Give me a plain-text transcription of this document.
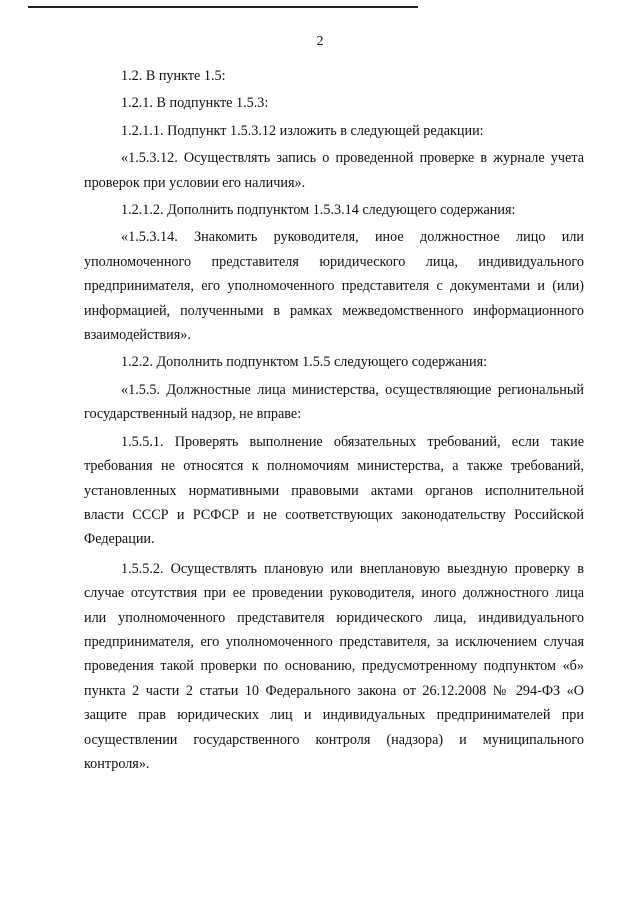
2

1.2. В пункте 1.5:

1.2.1. В подпункте 1.5.3:

1.2.1.1. Подпункт 1.5.3.12 изложить в следующей редакции:

«1.5.3.12. Осуществлять запись о проведенной проверке в журнале учета проверок при условии его наличия».

1.2.1.2. Дополнить подпунктом 1.5.3.14 следующего содержания:

«1.5.3.14. Знакомить руководителя, иное должностное лицо или уполномоченного представителя юридического лица, индивидуального предпринимателя, его уполномоченного представителя с документами и (или) информацией, полученными в рамках межведомственного информационного взаимодействия».

1.2.2. Дополнить подпунктом 1.5.5 следующего содержания:

«1.5.5. Должностные лица министерства, осуществляющие региональный государственный надзор, не вправе:

1.5.5.1. Проверять выполнение обязательных требований, если такие требования не относятся к полномочиям министерства, а также требований, установленных нормативными правовыми актами органов исполнительной власти СССР и РСФСР и не соответствующих законодательству Российской Федерации.

1.5.5.2. Осуществлять плановую или внеплановую выездную проверку в случае отсутствия при ее проведении руководителя, иного должностного лица или уполномоченного представителя юридического лица, индивидуального предпринимателя, его уполномоченного представителя, за исключением случая проведения такой проверки по основанию, предусмотренному подпунктом «б» пункта 2 части 2 статьи 10 Федерального закона от 26.12.2008 № 294-ФЗ «О защите прав юридических лиц и индивидуальных предпринимателей при осуществлении государственного контроля (надзора) и муниципального контроля».
